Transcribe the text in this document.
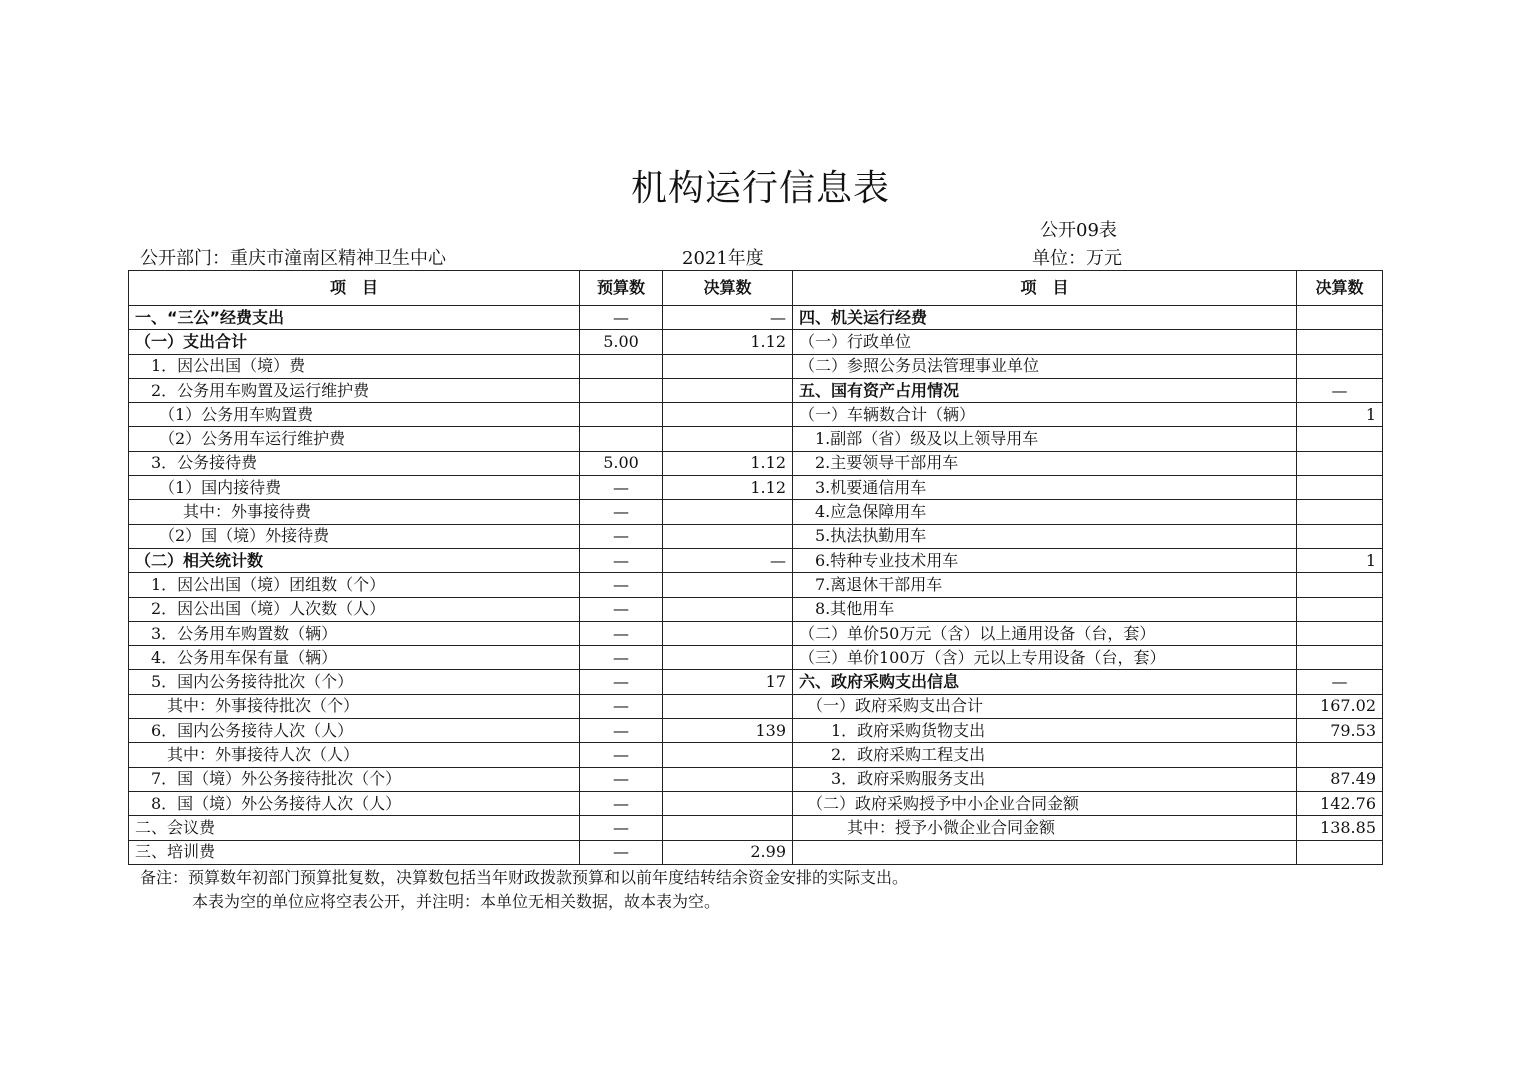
机构运行信息表
公开09表
公开部门：重庆市潼南区精神卫生中心	2021年度	单位：万元
项　目	预算数	决算数	项　目	决算数
一、“三公”经费支出	—	—	四、机关运行经费	
（一）支出合计	5.00	1.12	（一）行政单位	
　1．因公出国（境）费			（二）参照公务员法管理事业单位	
　2．公务用车购置及运行维护费			五、国有资产占用情况	—
　　（1）公务用车购置费			（一）车辆数合计（辆）	1
　　（2）公务用车运行维护费			　1.副部（省）级及以上领导用车	
　3．公务接待费	5.00	1.12	　2.主要领导干部用车	
　　（1）国内接待费	—	1.12	　3.机要通信用车	
　　　其中：外事接待费	—		　4.应急保障用车	
　　（2）国（境）外接待费	—		　5.执法执勤用车	
（二）相关统计数	—	—	　6.特种专业技术用车	1
　1．因公出国（境）团组数（个）	—		　7.离退休干部用车	
　2．因公出国（境）人次数（人）	—		　8.其他用车	
　3．公务用车购置数（辆）	—		（二）单价50万元（含）以上通用设备（台，套）	
　4．公务用车保有量（辆）	—		（三）单价100万（含）元以上专用设备（台，套）	
　5．国内公务接待批次（个）	—	17	六、政府采购支出信息	—
　　其中：外事接待批次（个）	—		　（一）政府采购支出合计	167.02
　6．国内公务接待人次（人）	—	139	　　1．政府采购货物支出	79.53
　　其中：外事接待人次（人）	—		　　2．政府采购工程支出	
　7．国（境）外公务接待批次（个）	—		　　3．政府采购服务支出	87.49
　8．国（境）外公务接待人次（人）	—		　（二）政府采购授予中小企业合同金额	142.76
二、会议费	—		　　　其中：授予小微企业合同金额	138.85
三、培训费	—	2.99		
备注：预算数年初部门预算批复数，决算数包括当年财政拨款预算和以前年度结转结余资金安排的实际支出。
本表为空的单位应将空表公开，并注明：本单位无相关数据，故本表为空。
